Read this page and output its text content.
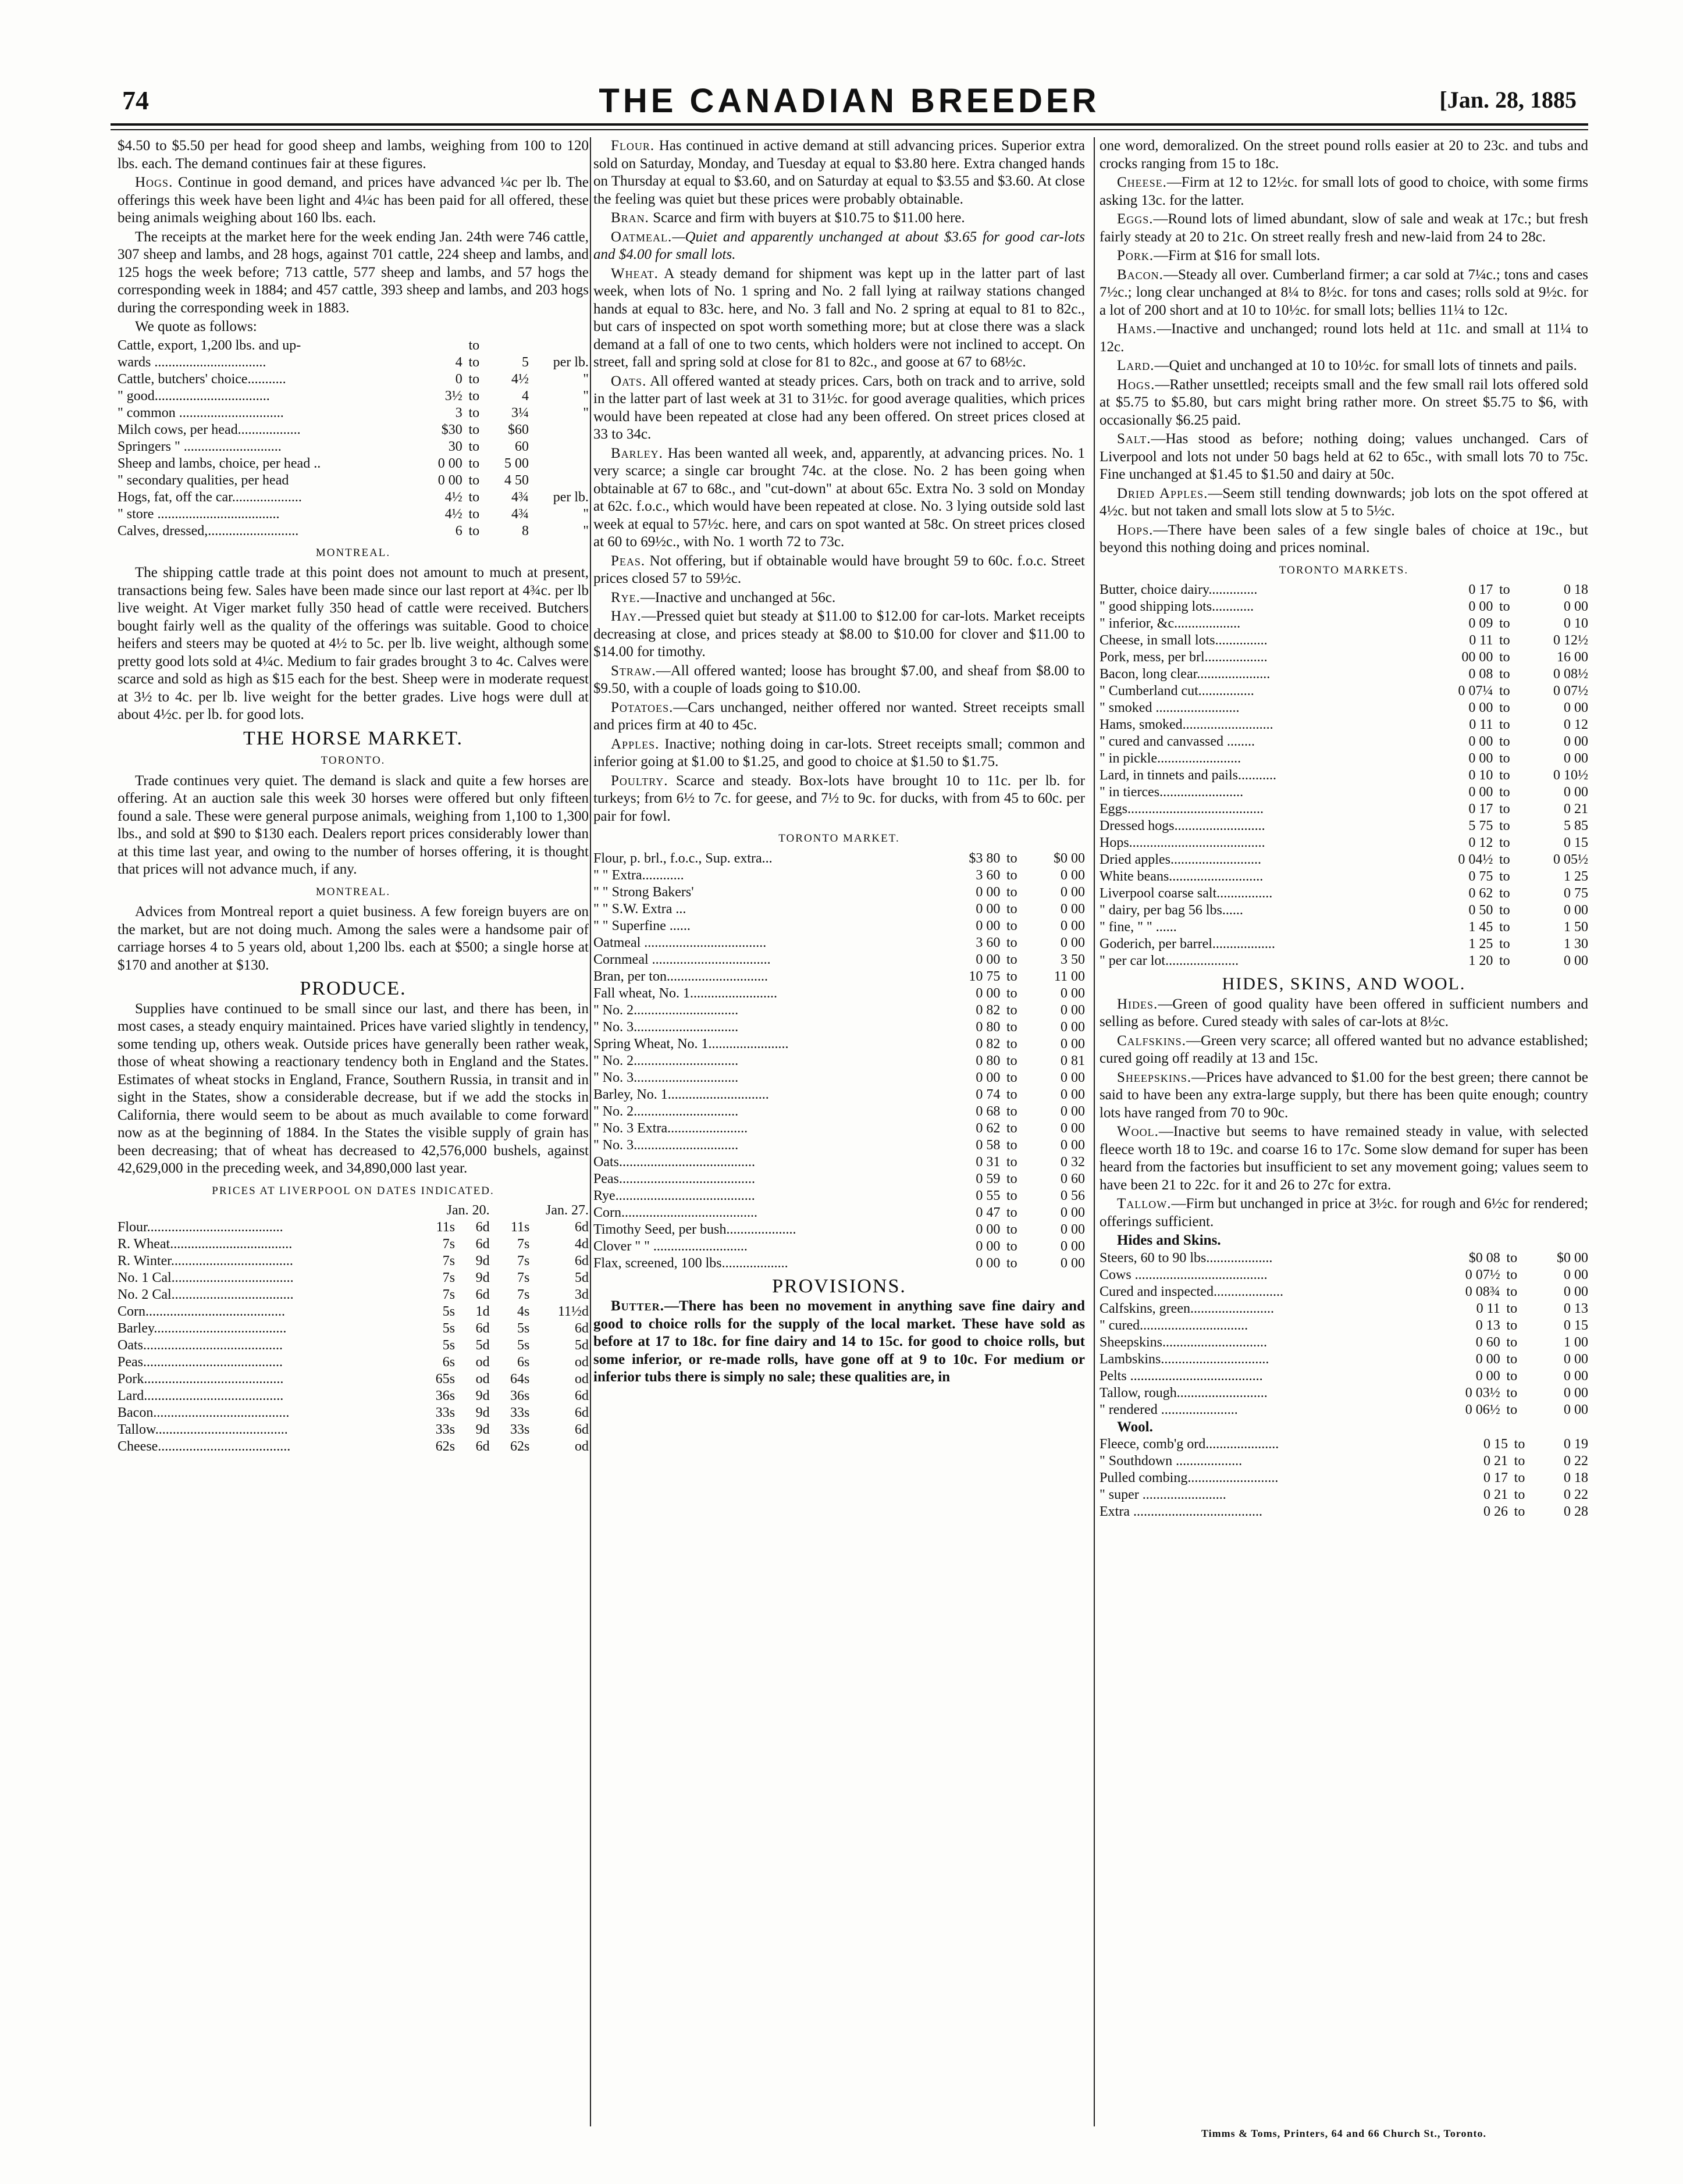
74	THE CANADIAN BREEDER	[Jan. 28, 1885

$4.50 to $5.50 per head for good sheep and lambs, weighing from 100 to 120 lbs. each. The demand continues fair at these figures.

Hogs. Continue in good demand, and prices have advanced ¼c per lb. The offerings this week have been light and 4¼c has been paid for all offered, these being animals weighing about 160 lbs. each.

The receipts at the market here for the week ending Jan. 24th were 746 cattle, 307 sheep and lambs, and 28 hogs, against 701 cattle, 224 sheep and lambs, and 125 hogs the week before; 713 cattle, 577 sheep and lambs, and 57 hogs the corresponding week in 1884; and 457 cattle, 393 sheep and lambs, and 203 hogs during the corresponding week in 1883.

We quote as follows:

Cattle, export, 1,200 lbs. and up-		to		
wards ................................	4	to	5	per lb.
Cattle, butchers' choice...........	0	to	4½	"
" good.................................	3½	to	4	"
" common ..............................	3	to	3¼	"
Milch cows, per head..................	$30	to	$60	
Springers " ............................	30	to	60	
Sheep and lambs, choice, per head ..	0 00	to	5 00	
" secondary qualities, per head	0 00	to	4 50	
Hogs, fat, off the car....................	4½	to	4¾	per lb.
" store ...................................	4½	to	4¾	"
Calves, dressed,..........................	6	to	8	"
MONTREAL.

The shipping cattle trade at this point does not amount to much at present, transactions being few. Sales have been made since our last report at 4¾c. per lb live weight. At Viger market fully 350 head of cattle were received. Butchers bought fairly well as the quality of the offerings was suitable. Good to choice heifers and steers may be quoted at 4½ to 5c. per lb. live weight, although some pretty good lots sold at 4¼c. Medium to fair grades brought 3 to 4c. Calves were scarce and sold as high as $15 each for the best. Sheep were in moderate request at 3½ to 4c. per lb. live weight for the better grades. Live hogs were dull at about 4½c. per lb. for good lots.

THE HORSE MARKET.
TORONTO.

Trade continues very quiet. The demand is slack and quite a few horses are offering. At an auction sale this week 30 horses were offered but only fifteen found a sale. These were general purpose animals, weighing from 1,100 to 1,300 lbs., and sold at $90 to $130 each. Dealers report prices considerably lower than at this time last year, and owing to the number of horses offering, it is thought that prices will not advance much, if any.

MONTREAL.

Advices from Montreal report a quiet business. A few foreign buyers are on the market, but are not doing much. Among the sales were a handsome pair of carriage horses 4 to 5 years old, about 1,200 lbs. each at $500; a single horse at $170 and another at $130.

PRODUCE.

Supplies have continued to be small since our last, and there has been, in most cases, a steady enquiry maintained. Prices have varied slightly in tendency, some tending up, others weak. Outside prices have generally been rather weak, those of wheat showing a reactionary tendency both in England and the States. Estimates of wheat stocks in England, France, Southern Russia, in transit and in sight in the States, show a considerable decrease, but if we add the stocks in California, there would seem to be about as much available to come forward now as at the beginning of 1884. In the States the visible supply of grain has been decreasing; that of wheat has decreased to 42,576,000 bushels, against 42,629,000 in the preceding week, and 34,890,000 last year.

PRICES AT LIVERPOOL ON DATES INDICATED.
	Jan. 20.		Jan. 27.	
Flour.......................................	11s	6d	11s	6d
R. Wheat...................................	7s	6d	7s	4d
R. Winter...................................	7s	9d	7s	6d
No. 1 Cal...................................	7s	9d	7s	5d
No. 2 Cal...................................	7s	6d	7s	3d
Corn........................................	5s	1d	4s	11½d
Barley......................................	5s	6d	5s	6d
Oats........................................	5s	5d	5s	5d
Peas........................................	6s	od	6s	od
Pork........................................	65s	od	64s	od
Lard........................................	36s	9d	36s	6d
Bacon.......................................	33s	9d	33s	6d
Tallow......................................	33s	9d	33s	6d
Cheese......................................	62s	6d	62s	od

Flour. Has continued in active demand at still advancing prices. Superior extra sold on Saturday, Monday, and Tuesday at equal to $3.80 here. Extra changed hands on Thursday at equal to $3.60, and on Saturday at equal to $3.55 and $3.60. At close the feeling was quiet but these prices were probably obtainable.

Bran. Scarce and firm with buyers at $10.75 to $11.00 here.

Oatmeal.—Quiet and apparently unchanged at about $3.65 for good car-lots and $4.00 for small lots.

Wheat. A steady demand for shipment was kept up in the latter part of last week, when lots of No. 1 spring and No. 2 fall lying at railway stations changed hands at equal to 83c. here, and No. 3 fall and No. 2 spring at equal to 81 to 82c., but cars of inspected on spot worth something more; but at close there was a slack demand at a fall of one to two cents, which holders were not inclined to accept. On street, fall and spring sold at close for 81 to 82c., and goose at 67 to 68½c.

Oats. All offered wanted at steady prices. Cars, both on track and to arrive, sold in the latter part of last week at 31 to 31½c. for good average qualities, which prices would have been repeated at close had any been offered. On street prices closed at 33 to 34c.

Barley. Has been wanted all week, and, apparently, at advancing prices. No. 1 very scarce; a single car brought 74c. at the close. No. 2 has been going when obtainable at 67 to 68c., and "cut-down" at about 65c. Extra No. 3 sold on Monday at 62c. f.o.c., which would have been repeated at close. No. 3 lying outside sold last week at equal to 57½c. here, and cars on spot wanted at 58c. On street prices closed at 60 to 69½c., with No. 1 worth 72 to 73c.

Peas. Not offering, but if obtainable would have brought 59 to 60c. f.o.c. Street prices closed 57 to 59½c.

Rye.—Inactive and unchanged at 56c.

Hay.—Pressed quiet but steady at $11.00 to $12.00 for car-lots. Market receipts decreasing at close, and prices steady at $8.00 to $10.00 for clover and $11.00 to $14.00 for timothy.

Straw.—All offered wanted; loose has brought $7.00, and sheaf from $8.00 to $9.50, with a couple of loads going to $10.00.

Potatoes.—Cars unchanged, neither offered nor wanted. Street receipts small and prices firm at 40 to 45c.

Apples. Inactive; nothing doing in car-lots. Street receipts small; common and inferior going at $1.00 to $1.25, and good to choice at $1.50 to $1.75.

Poultry. Scarce and steady. Box-lots have brought 10 to 11c. per lb. for turkeys; from 6½ to 7c. for geese, and 7½ to 9c. for ducks, with from 45 to 60c. per pair for fowl.

TORONTO MARKET.
Flour, p. brl., f.o.c., Sup. extra...	$3 80	to	$0 00
" " Extra............	3 60	to	0 00
" " Strong Bakers'	0 00	to	0 00
" " S.W. Extra ...	0 00	to	0 00
" " Superfine ......	0 00	to	0 00
Oatmeal ...................................	3 60	to	0 00
Cornmeal ..................................	0 00	to	3 50
Bran, per ton.............................	10 75	to	11 00
Fall wheat, No. 1.........................	0 00	to	0 00
" No. 2..............................	0 82	to	0 00
" No. 3..............................	0 80	to	0 00
Spring Wheat, No. 1.......................	0 82	to	0 00
" No. 2..............................	0 80	to	0 81
" No. 3..............................	0 00	to	0 00
Barley, No. 1.............................	0 74	to	0 00
" No. 2..............................	0 68	to	0 00
" No. 3 Extra.......................	0 62	to	0 00
" No. 3..............................	0 58	to	0 00
Oats.......................................	0 31	to	0 32
Peas.......................................	0 59	to	0 60
Rye........................................	0 55	to	0 56
Corn.......................................	0 47	to	0 00
Timothy Seed, per bush....................	0 00	to	0 00
Clover " " ...........................	0 00	to	0 00
Flax, screened, 100 lbs...................	0 00	to	0 00
PROVISIONS.

Butter.—There has been no movement in anything save fine dairy and good to choice rolls for the supply of the local market. These have sold as before at 17 to 18c. for fine dairy and 14 to 15c. for good to choice rolls, but some inferior, or re-made rolls, have gone off at 9 to 10c. For medium or inferior tubs there is simply no sale; these qualities are, in

one word, demoralized. On the street pound rolls easier at 20 to 23c. and tubs and crocks ranging from 15 to 18c.

Cheese.—Firm at 12 to 12½c. for small lots of good to choice, with some firms asking 13c. for the latter.

Eggs.—Round lots of limed abundant, slow of sale and weak at 17c.; but fresh fairly steady at 20 to 21c. On street really fresh and new-laid from 24 to 28c.

Pork.—Firm at $16 for small lots.

Bacon.—Steady all over. Cumberland firmer; a car sold at 7¼c.; tons and cases 7½c.; long clear unchanged at 8¼ to 8½c. for tons and cases; rolls sold at 9½c. for a lot of 200 short and at 10 to 10½c. for small lots; bellies 11¼ to 12c.

Hams.—Inactive and unchanged; round lots held at 11c. and small at 11¼ to 12c.

Lard.—Quiet and unchanged at 10 to 10½c. for small lots of tinnets and pails.

Hogs.—Rather unsettled; receipts small and the few small rail lots offered sold at $5.75 to $5.80, but cars might bring rather more. On street $5.75 to $6, with occasionally $6.25 paid.

Salt.—Has stood as before; nothing doing; values unchanged. Cars of Liverpool and lots not under 50 bags held at 62 to 65c., with small lots 70 to 75c. Fine unchanged at $1.45 to $1.50 and dairy at 50c.

Dried Apples.—Seem still tending downwards; job lots on the spot offered at 4½c. but not taken and small lots slow at 5 to 5½c.

Hops.—There have been sales of a few single bales of choice at 19c., but beyond this nothing doing and prices nominal.

TORONTO MARKETS.
Butter, choice dairy..............	0 17	to	0 18
" good shipping lots............	0 00	to	0 00
" inferior, &c...................	0 09	to	0 10
Cheese, in small lots...............	0 11	to	0 12½
Pork, mess, per brl..................	00 00	to	16 00
Bacon, long clear.....................	0 08	to	0 08½
" Cumberland cut................	0 07¼	to	0 07½
" smoked ........................	0 00	to	0 00
Hams, smoked..........................	0 11	to	0 12
" cured and canvassed ........	0 00	to	0 00
" in pickle........................	0 00	to	0 00
Lard, in tinnets and pails...........	0 10	to	0 10½
" in tierces........................	0 00	to	0 00
Eggs.......................................	0 17	to	0 21
Dressed hogs..........................	5 75	to	5 85
Hops.......................................	0 12	to	0 15
Dried apples..........................	0 04½	to	0 05½
White beans...........................	0 75	to	1 25
Liverpool coarse salt................	0 62	to	0 75
" dairy, per bag 56 lbs......	0 50	to	0 00
" fine, " " ......	1 45	to	1 50
Goderich, per barrel..................	1 25	to	1 30
" per car lot.....................	1 20	to	0 00
HIDES, SKINS, AND WOOL.

Hides.—Green of good quality have been offered in sufficient numbers and selling as before. Cured steady with sales of car-lots at 8½c.

Calfskins.—Green very scarce; all offered wanted but no advance established; cured going off readily at 13 and 15c.

Sheepskins.—Prices have advanced to $1.00 for the best green; there cannot be said to have been any extra-large supply, but there has been quite enough; country lots have ranged from 70 to 90c.

Wool.—Inactive but seems to have remained steady in value, with selected fleece worth 18 to 19c. and coarse 16 to 17c. Some slow demand for super has been heard from the factories but insufficient to set any movement going; values seem to have been 21 to 22c. for it and 26 to 27c for extra.

Tallow.—Firm but unchanged in price at 3½c. for rough and 6½c for rendered; offerings sufficient.

Hides and Skins.
Steers, 60 to 90 lbs...................	$0 08	to	$0 00
Cows ......................................	0 07½	to	0 00
Cured and inspected....................	0 08¾	to	0 00
Calfskins, green........................	0 11	to	0 13
" cured...............................	0 13	to	0 15
Sheepskins..............................	0 60	to	1 00
Lambskins...............................	0 00	to	0 00
Pelts ......................................	0 00	to	0 00
Tallow, rough..........................	0 03½	to	0 00
" rendered ......................	0 06½	to	0 00
Wool.
Fleece, comb'g ord.....................	0 15	to	0 19
" Southdown ...................	0 21	to	0 22
Pulled combing..........................	0 17	to	0 18
" super ........................	0 21	to	0 22
Extra .....................................	0 26	to	0 28
Timms & Toms, Printers, 64 and 66 Church St., Toronto.
